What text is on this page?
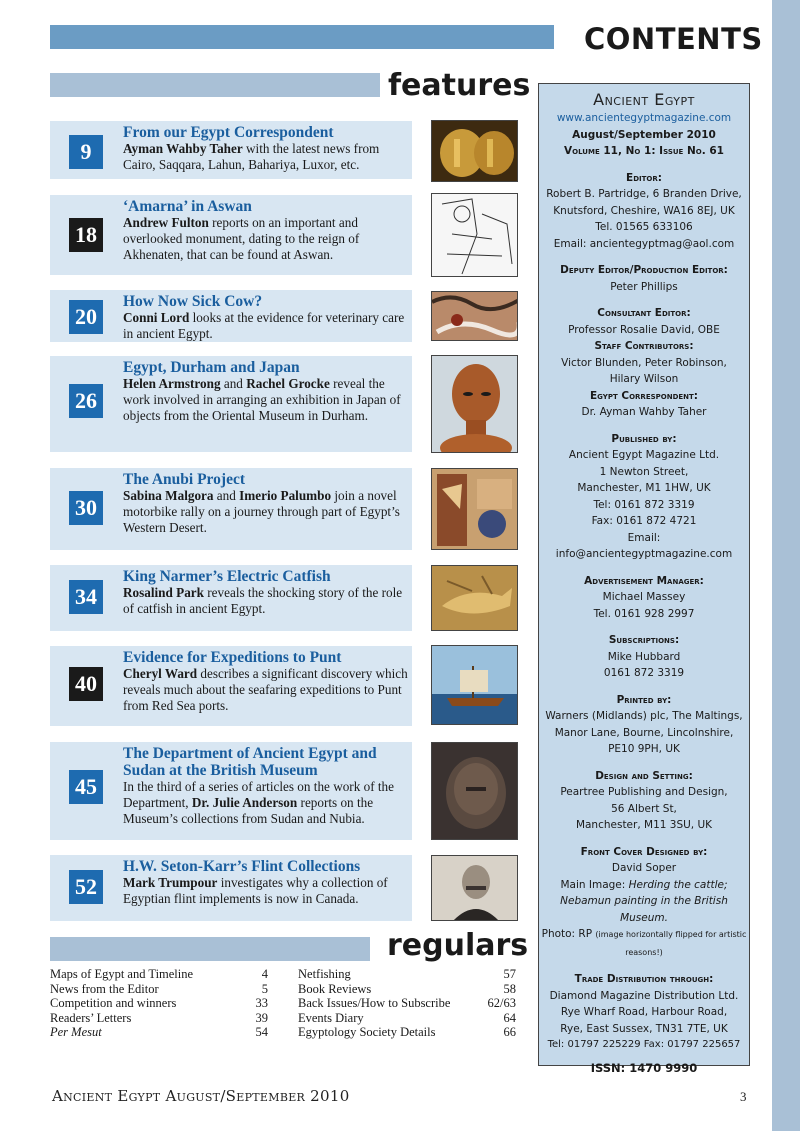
CONTENTS
features
9
From our Egypt Correspondent
Ayman Wahby Taher with the latest news from Cairo, Saqqara, Lahun, Bahariya, Luxor, etc.
18
‘Amarna’ in Aswan
Andrew Fulton reports on an important and overlooked monument, dating to the reign of Akhenaten, that can be found at Aswan.
20
How Now Sick Cow?
Conni Lord looks at the evidence for veterinary care in ancient Egypt.
26
Egypt, Durham and Japan
Helen Armstrong and Rachel Grocke reveal the work involved in arranging an exhibition in Japan of objects from the Oriental Museum in Durham.
30
The Anubi Project
Sabina Malgora and Imerio Palumbo join a novel motorbike rally on a journey through part of Egypt’s Western Desert.
34
King Narmer’s Electric Catfish
Rosalind Park reveals the shocking story of the role of catfish in ancient Egypt.
40
Evidence for Expeditions to Punt
Cheryl Ward describes a significant discovery which reveals much about the seafaring expeditions to Punt from Red Sea ports.
45
The Department of Ancient Egypt and Sudan at the British Museum
In the third of a series of articles on the work of the Department, Dr. Julie Anderson reports on the Museum’s collections from Sudan and Nubia.
52
H.W. Seton-Karr’s Flint Collections
Mark Trumpour investigates why a collection of Egyptian flint implements is now in Canada.
Ancient Egypt
www.ancientegyptmagazine.com
August/September 2010
Volume 11, No 1: Issue No. 61
Editor:
Robert B. Partridge, 6 Branden Drive,
Knutsford, Cheshire, WA16 8EJ, UK
Tel. 01565 633106
Email: ancientegyptmag@aol.com
Deputy Editor/Production Editor:
Peter Phillips
Consultant Editor:
Professor Rosalie David, OBE
Staff Contributors:
Victor Blunden, Peter Robinson,
Hilary Wilson
Egypt Correspondent:
Dr. Ayman Wahby Taher
Published by:
Ancient Egypt Magazine Ltd.
1 Newton Street,
Manchester, M1 1HW, UK
Tel: 0161 872 3319
Fax: 0161 872 4721
Email:
info@ancientegyptmagazine.com
Advertisement Manager:
Michael Massey
Tel. 0161 928 2997
Subscriptions:
Mike Hubbard
0161 872 3319
Printed by:
Warners (Midlands) plc, The Maltings,
Manor Lane, Bourne, Lincolnshire,
PE10 9PH, UK
Design and Setting:
Peartree Publishing and Design,
56 Albert St,
Manchester, M11 3SU, UK
Front Cover Designed by:
David Soper
Main Image: Herding the cattle;
Nebamun painting in the British Museum.
Photo: RP (image horizontally flipped for artistic reasons!)
Trade Distribution through:
Diamond Magazine Distribution Ltd.
Rye Wharf Road, Harbour Road,
Rye, East Sussex, TN31 7TE, UK
Tel: 01797 225229 Fax: 01797 225657
ISSN: 1470 9990
regulars
Maps of Egypt and Timeline	4
News from the Editor	5
Competition and winners	33
Readers’ Letters	39
Per Mesut	54
Netfishing	57
Book Reviews	58
Back Issues/How to Subscribe	62/63
Events Diary	64
Egyptology Society Details	66
Ancient Egypt August/September 2010	3
